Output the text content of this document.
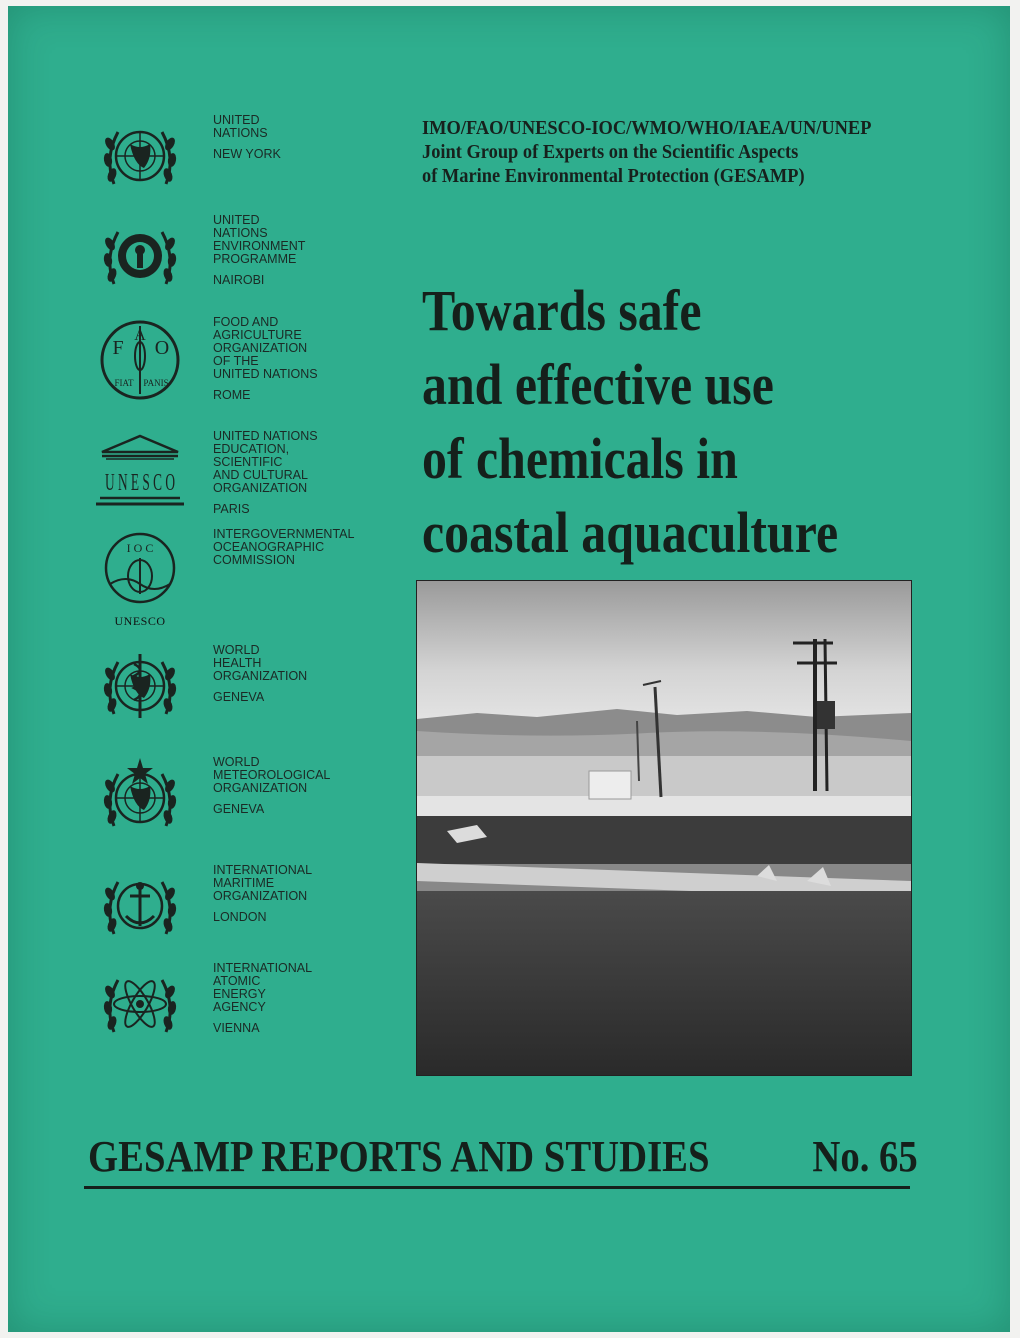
UNITED
NATIONS
NEW YORK
UNITED
NATIONS
ENVIRONMENT
PROGRAMME
NAIROBI
F
A
O
FIAT PANIS
FOOD AND
AGRICULTURE
ORGANIZATION
OF THE
UNITED NATIONS
ROME
U N E S C O
UNITED NATIONS
EDUCATION,
SCIENTIFIC
AND CULTURAL
ORGANIZATION
PARIS
I O C
UNESCO
INTERGOVERNMENTAL
OCEANOGRAPHIC
COMMISSION
WORLD
HEALTH
ORGANIZATION
GENEVA
WORLD
METEOROLOGICAL
ORGANIZATION
GENEVA
INTERNATIONAL
MARITIME
ORGANIZATION
LONDON
INTERNATIONAL
ATOMIC
ENERGY
AGENCY
VIENNA
IMO/FAO/UNESCO-IOC/WMO/WHO/IAEA/UN/UNEP
Joint Group of Experts on the Scientific Aspects
of Marine Environmental Protection (GESAMP)
Towards safe
and effective use
of chemicals in
coastal aquaculture
GESAMP REPORTS AND STUDIES No. 65
